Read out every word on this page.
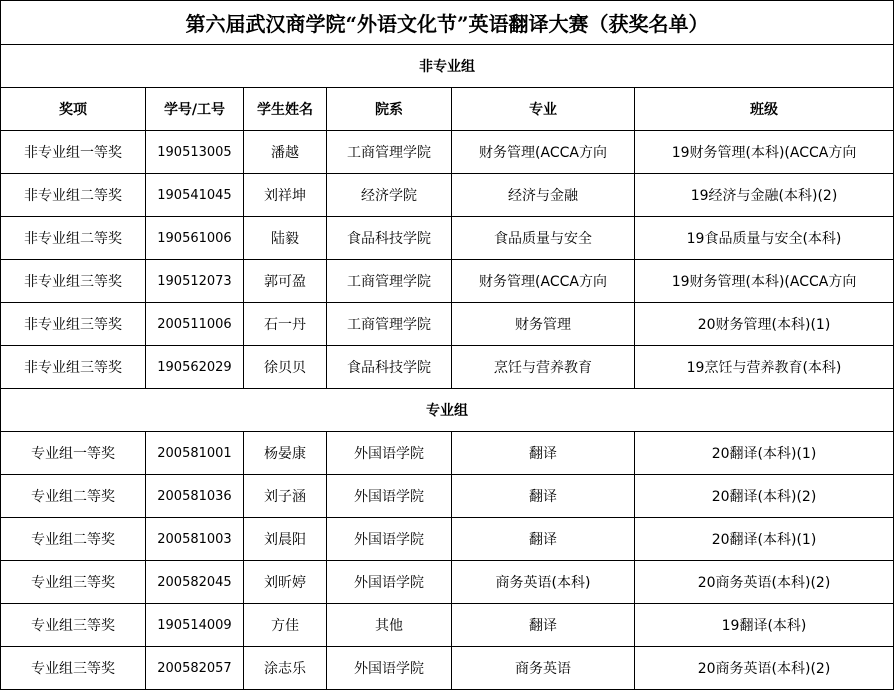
第六届武汉商学院“外语文化节”英语翻译大赛（获奖名单）					
非专业组					
奖项	学号/工号	学生姓名	院系	专业	班级
非专业组一等奖	190513005	潘越	工商管理学院	财务管理(ACCA方向	19财务管理(本科)(ACCA方向
非专业组二等奖	190541045	刘祥坤	经济学院	经济与金融	19经济与金融(本科)(2)
非专业组二等奖	190561006	陆毅	食品科技学院	食品质量与安全	19食品质量与安全(本科)
非专业组三等奖	190512073	郭可盈	工商管理学院	财务管理(ACCA方向	19财务管理(本科)(ACCA方向
非专业组三等奖	200511006	石一丹	工商管理学院	财务管理	20财务管理(本科)(1)
非专业组三等奖	190562029	徐贝贝	食品科技学院	烹饪与营养教育	19烹饪与营养教育(本科)
专业组					
专业组一等奖	200581001	杨晏康	外国语学院	翻译	20翻译(本科)(1)
专业组二等奖	200581036	刘子涵	外国语学院	翻译	20翻译(本科)(2)
专业组二等奖	200581003	刘晨阳	外国语学院	翻译	20翻译(本科)(1)
专业组三等奖	200582045	刘昕婷	外国语学院	商务英语(本科)	20商务英语(本科)(2)
专业组三等奖	190514009	方佳	其他	翻译	19翻译(本科)
专业组三等奖	200582057	涂志乐	外国语学院	商务英语	20商务英语(本科)(2)
